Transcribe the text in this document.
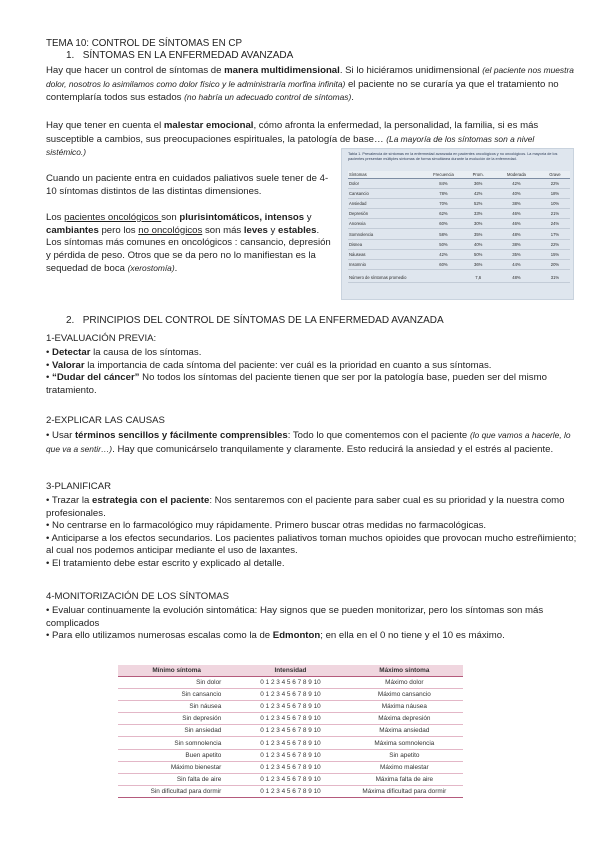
TEMA 10: CONTROL DE SÍNTOMAS EN CP
1. SÍNTOMAS EN LA ENFERMEDAD AVANZADA
Hay que hacer un control de síntomas de manera multidimensional. Si lo hiciéramos unidimensional (el paciente nos muestra dolor, nosotros lo asimilamos como dolor físico y le administraría morfina infinita) el paciente no se curaría ya que el tratamiento no contemplaría todos sus estados (no habría un adecuado control de síntomas).
Hay que tener en cuenta el malestar emocional, cómo afronta la enfermedad, la personalidad, la familia, si es más susceptible a cambios, sus preocupaciones espirituales, la patología de base… (La mayoría de los síntomas son a nivel sistémico.)
Cuando un paciente entra en cuidados paliativos suele tener de 4-10 síntomas distintos de las distintas dimensiones.
Los pacientes oncológicos son plurisintomáticos, intensos y cambiantes pero los no oncológicos son más leves y estables. Los síntomas más comunes en oncológicos : cansancio, depresión y pérdida de peso. Otros que se da pero no lo manifiestan es la sequedad de boca (xerostomía).
Tabla 1. Prevalencia de síntomas en la enfermedad avanzada en pacientes oncológicos y no oncológicos. La mayoría de los pacientes presentan múltiples síntomas de forma simultánea durante la evolución de la enfermedad.
Síntomas	Frecuencia	Prom.	Moderada	Grave
Dolor	84%	36%	42%	22%
Cansancio	78%	42%	40%	18%
Ansiedad	70%	52%	38%	10%
Depresión	62%	33%	46%	21%
Anorexia	60%	30%	46%	24%
Somnolencia	58%	35%	48%	17%
Disnea	50%	40%	38%	22%
Náuseas	42%	50%	35%	15%
Insomnio	60%	36%	44%	20%
Número de síntomas promedio		7,6	48%	31%
2. PRINCIPIOS DEL CONTROL DE SÍNTOMAS DE LA ENFERMEDAD AVANZADA
1-EVALUACIÓN PREVIA:
• Detectar la causa de los síntomas.
• Valorar la importancia de cada síntoma del paciente: ver cuál es la prioridad en cuanto a sus síntomas.
• “Dudar del cáncer” No todos los síntomas del paciente tienen que ser por la patología base, pueden ser del mismo tratamiento.
2-EXPLICAR LAS CAUSAS
• Usar términos sencillos y fácilmente comprensibles: Todo lo que comentemos con el paciente (lo que vamos a hacerle, lo que va a sentir…). Hay que comunicárselo tranquilamente y claramente. Esto reducirá la ansiedad y el estrés al paciente.
3-PLANIFICAR
• Trazar la estrategia con el paciente: Nos sentaremos con el paciente para saber cual es su prioridad y la nuestra como profesionales.
• No centrarse en lo farmacológico muy rápidamente. Primero buscar otras medidas no farmacológicas.
• Anticiparse a los efectos secundarios. Los pacientes paliativos toman muchos opioides que provocan mucho estreñimiento; al cual nos podemos anticipar mediante el uso de laxantes.
• El tratamiento debe estar escrito y explicado al detalle.
4-MONITORIZACIÓN DE LOS SÍNTOMAS
• Evaluar continuamente la evolución sintomática: Hay signos que se pueden monitorizar, pero los síntomas son más complicados
• Para ello utilizamos numerosas escalas como la de Edmonton; en ella en el 0 no tiene y el 10 es máximo.
Mínimo síntoma	Intensidad	Máximo síntoma
Sin dolor	0 1 2 3 4 5 6 7 8 9 10	Máximo dolor
Sin cansancio	0 1 2 3 4 5 6 7 8 9 10	Máximo cansancio
Sin náusea	0 1 2 3 4 5 6 7 8 9 10	Máxima náusea
Sin depresión	0 1 2 3 4 5 6 7 8 9 10	Máxima depresión
Sin ansiedad	0 1 2 3 4 5 6 7 8 9 10	Máxima ansiedad
Sin somnolencia	0 1 2 3 4 5 6 7 8 9 10	Máxima somnolencia
Buen apetito	0 1 2 3 4 5 6 7 8 9 10	Sin apetito
Máximo bienestar	0 1 2 3 4 5 6 7 8 9 10	Máximo malestar
Sin falta de aire	0 1 2 3 4 5 6 7 8 9 10	Máxima falta de aire
Sin dificultad para dormir	0 1 2 3 4 5 6 7 8 9 10	Máxima dificultad para dormir
